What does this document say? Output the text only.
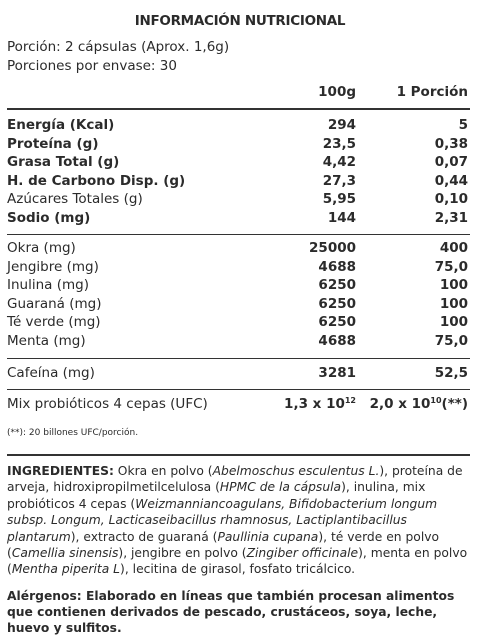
INFORMACIÓN NUTRICIONAL
Porción: 2 cápsulas (Aprox. 1,6g)
Porciones por envase: 30
100g	1 Porción
Energía (Kcal)	294	5
Proteína (g)	23,5	0,38
Grasa Total (g)	4,42	0,07
H. de Carbono Disp. (g)	27,3	0,44
Azúcares Totales (g)	5,95	0,10
Sodio (mg)	144	2,31
Okra (mg)	25000	400
Jengibre (mg)	4688	75,0
Inulina (mg)	6250	100
Guaraná (mg)	6250	100
Té verde (mg)	6250	100
Menta (mg)	4688	75,0
Cafeína (mg)	3281	52,5
Mix probióticos 4 cepas (UFC)	1,3 x $10^{12}$ 2,0 x $10^{10}(**)$
(**): 20 billones UFC/porción.
INGREDIENTES: Okra en polvo (Abelmoschus esculentus L.), proteína de arveja, hidroxipropilmetilcelulosa (HPMC de la cápsula), inulina, mix probióticos 4 cepas (Weizmanniancoagulans, Bifidobacterium longum subsp. Longum, Lacticaseibacillus rhamnosus, Lactiplantibacillus plantarum), extracto de guaraná (Paullinia cupana), té verde en polvo (Camellia sinensis), jengibre en polvo (Zingiber officinale), menta en polvo (Mentha piperita L), lecitina de girasol, fosfato tricálcico.
Alérgenos: Elaborado en líneas que también procesan alimentos que contienen derivados de pescado, crustáceos, soya, leche, huevo y sulfitos.
